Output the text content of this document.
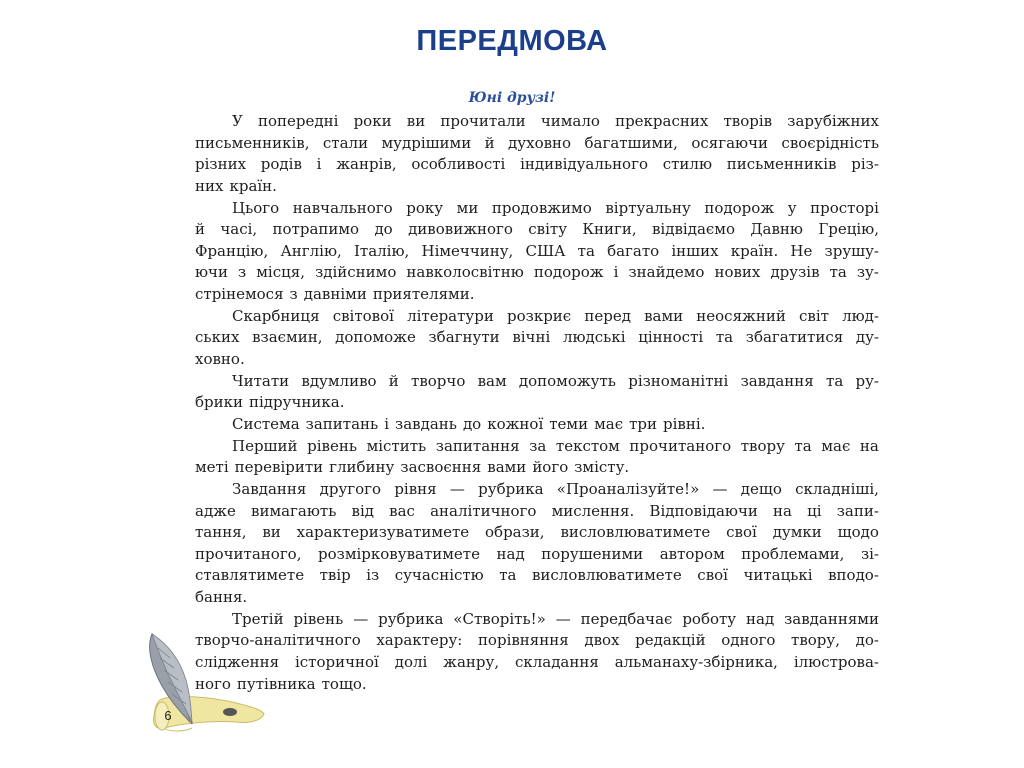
ПЕРЕДМОВА
Юні друзі!
У попередні роки ви прочитали чимало прекрасних творів зарубіжних
письменників, стали мудрішими й духовно багатшими, осягаючи своєрідність
різних родів і жанрів, особливості індивідуального стилю письменників різ-
них країн.
Цього навчального року ми продовжимо віртуальну подорож у просторі
й часі, потрапимо до дивовижного світу Книги, відвідаємо Давню Грецію,
Францію, Англію, Італію, Німеччину, США та багато інших країн. Не зрушу-
ючи з місця, здійснимо навколосвітню подорож і знайдемо нових друзів та зу-
стрінемося з давніми приятелями.
Скарбниця світової літератури розкриє перед вами неосяжний світ люд-
ських взаємин, допоможе збагнути вічні людські цінності та збагатитися ду-
ховно.
Читати вдумливо й творчо вам допоможуть різноманітні завдання та ру-
брики підручника.
Система запитань і завдань до кожної теми має три рівні.
Перший рівень містить запитання за текстом прочитаного твору та має на
меті перевірити глибину засвоєння вами його змісту.
Завдання другого рівня — рубрика «Проаналізуйте!» — дещо складніші,
адже вимагають від вас аналітичного мислення. Відповідаючи на ці запи-
тання, ви характеризуватимете образи, висловлюватимете свої думки щодо
прочитаного, розмірковуватимете над порушеними автором проблемами, зі-
ставлятимете твір із сучасністю та висловлюватимете свої читацькі вподо-
бання.
Третій рівень — рубрика «Створіть!» — передбачає роботу над завданнями
творчо-аналітичного характеру: порівняння двох редакцій одного твору, до-
слідження історичної долі жанру, складання альманаху-збірника, ілюстрова-
ного путівника тощо.
6
